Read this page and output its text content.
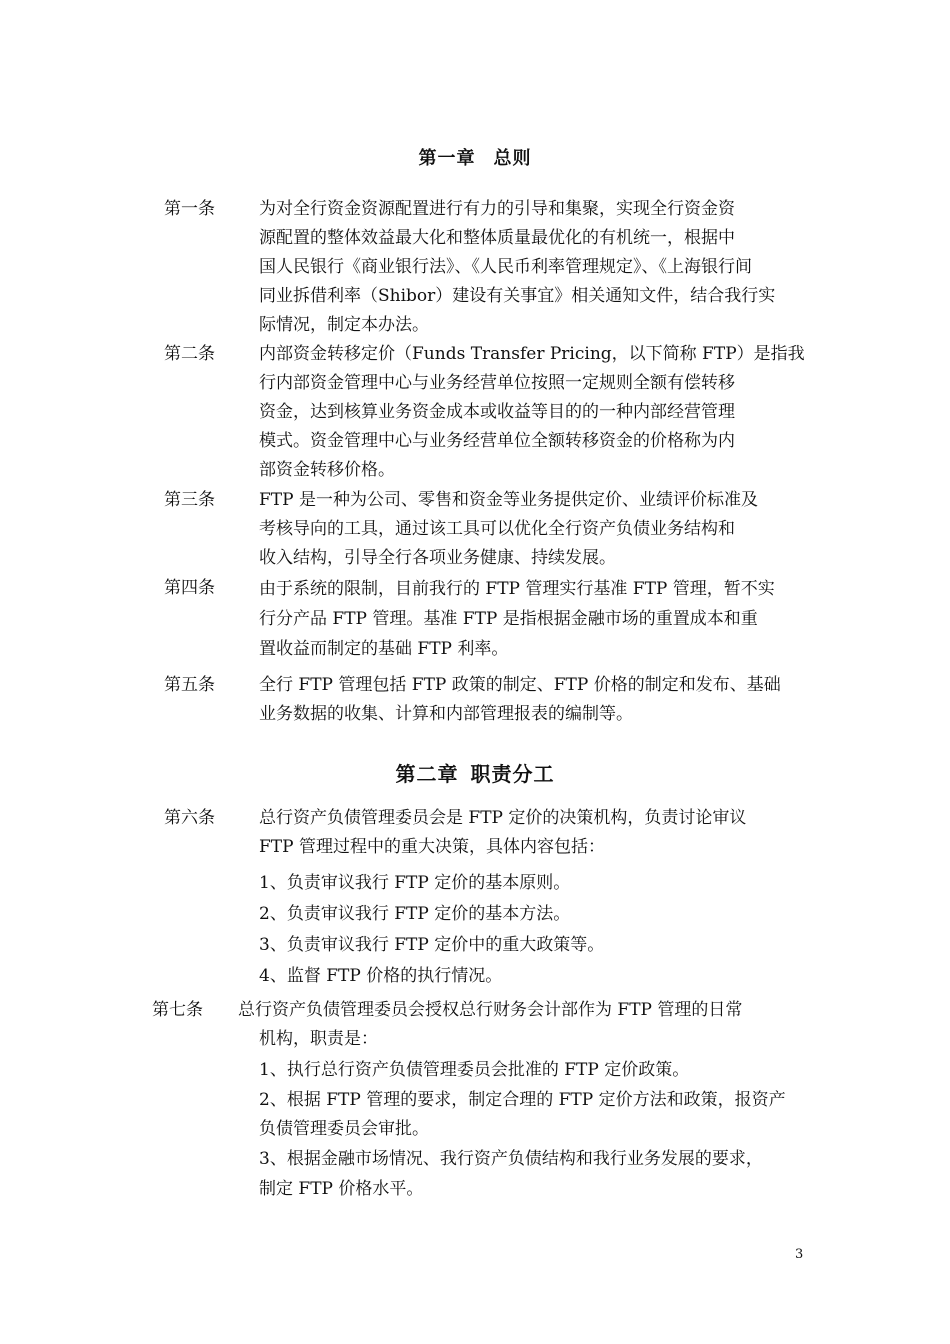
第一章 总则
第一条	为对全行资金资源配置进行有力的引导和集聚，实现全行资金资
源配置的整体效益最大化和整体质量最优化的有机统一，根据中
国人民银行《商业银行法》、《人民币利率管理规定》、《上海银行间
同业拆借利率（Shibor）建设有关事宜》相关通知文件，结合我行实
际情况，制定本办法。
第二条	内部资金转移定价（Funds Transfer Pricing，以下简称 FTP）是指我
行内部资金管理中心与业务经营单位按照一定规则全额有偿转移
资金，达到核算业务资金成本或收益等目的的一种内部经营管理
模式。资金管理中心与业务经营单位全额转移资金的价格称为内
部资金转移价格。
第三条	FTP 是一种为公司、零售和资金等业务提供定价、业绩评价标准及
考核导向的工具，通过该工具可以优化全行资产负债业务结构和
收入结构，引导全行各项业务健康、持续发展。
第四条	由于系统的限制，目前我行的 FTP 管理实行基准 FTP 管理，暂不实
行分产品 FTP 管理。基准 FTP 是指根据金融市场的重置成本和重
置收益而制定的基础 FTP 利率。
第五条	全行 FTP 管理包括 FTP 政策的制定、FTP 价格的制定和发布、基础
业务数据的收集、计算和内部管理报表的编制等。
第二章 职责分工
第六条	总行资产负债管理委员会是 FTP 定价的决策机构，负责讨论审议
FTP 管理过程中的重大决策，具体内容包括：
1、负责审议我行 FTP 定价的基本原则。
2、负责审议我行 FTP 定价的基本方法。
3、负责审议我行 FTP 定价中的重大政策等。
4、监督 FTP 价格的执行情况。
第七条 总行资产负债管理委员会授权总行财务会计部作为 FTP 管理的日常
机构，职责是：
1、执行总行资产负债管理委员会批准的 FTP 定价政策。
2、根据 FTP 管理的要求，制定合理的 FTP 定价方法和政策，报资产
负债管理委员会审批。
3、根据金融市场情况、我行资产负债结构和我行业务发展的要求，
制定 FTP 价格水平。
3
